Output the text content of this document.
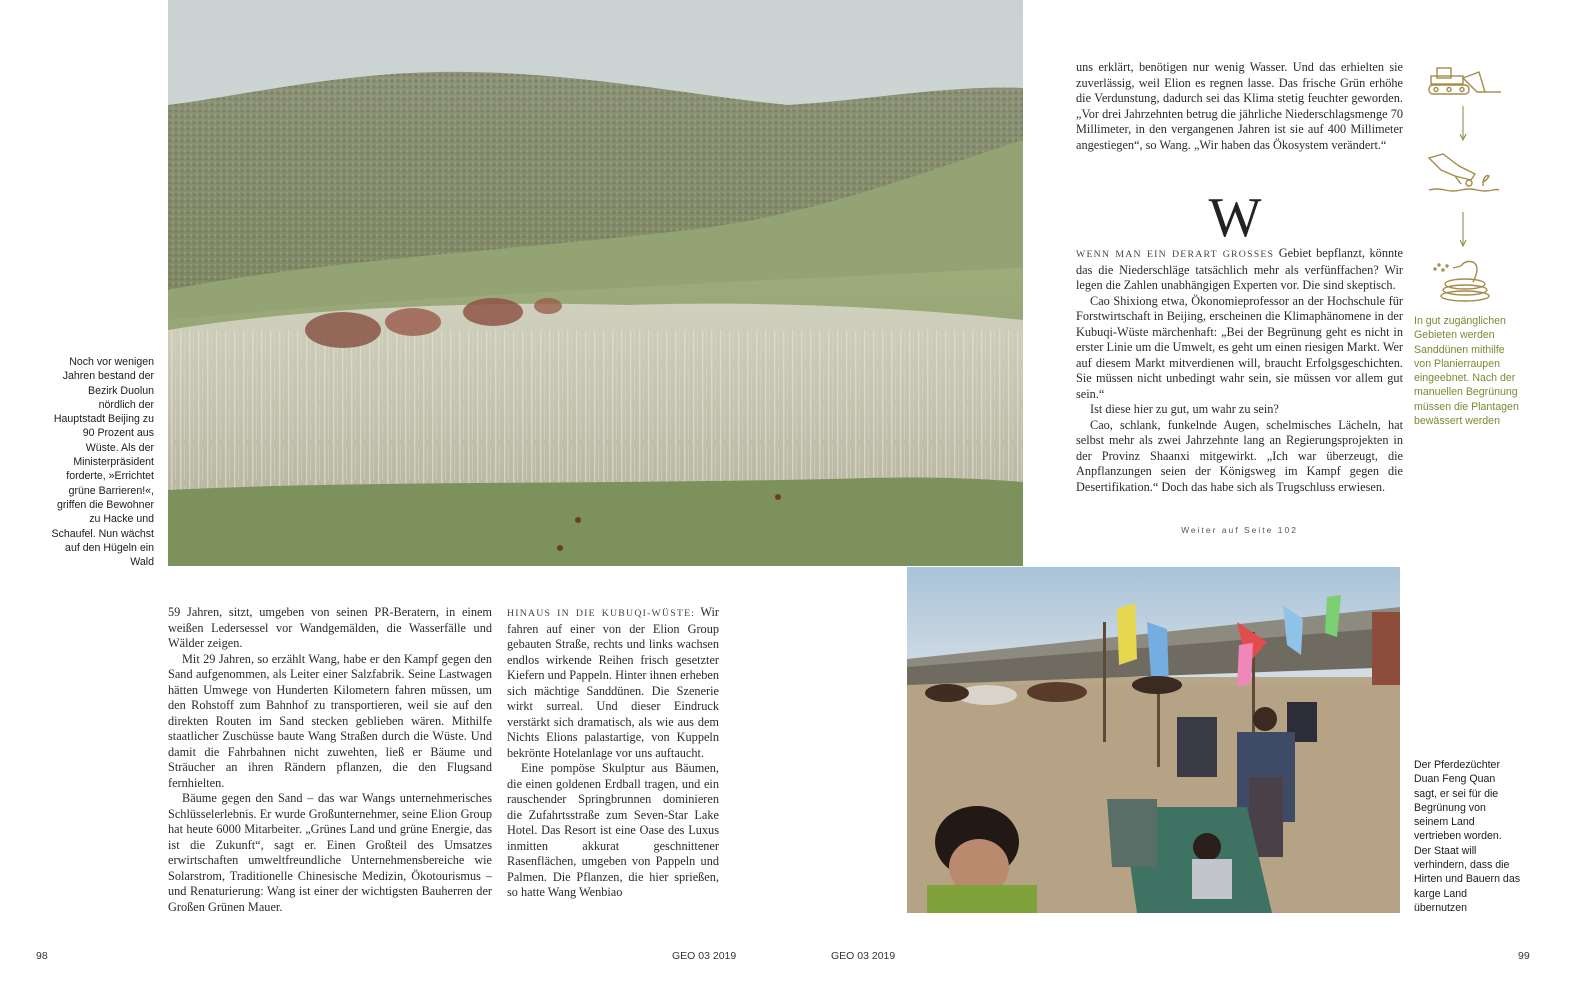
Noch vor wenigen Jahren bestand der Bezirk Duolun nördlich der Hauptstadt Beijing zu 90 Prozent aus Wüste. Als der Ministerpräsident forderte, »Errichtet grüne Barrieren!«, griffen die Bewohner zu Hacke und Schaufel. Nun wächst auf den Hügeln ein Wald

uns erklärt, benötigen nur wenig Wasser. Und das erhielten sie zuverlässig, weil Elion es regnen lasse. Das frische Grün erhöhe die Verdunstung, dadurch sei das Klima stetig feuchter geworden. „Vor drei Jahrzehnten betrug die jährliche Niederschlagsmenge 70 Millimeter, in den vergangenen Jahren ist sie auf 400 Millimeter angestiegen“, so Wang. „Wir haben das Ökosystem verändert.“

W

WENN MAN EIN DERART GROSSES Gebiet bepflanzt, könnte das die Niederschläge tatsächlich mehr als verfünffachen? Wir legen die Zahlen unabhängigen Experten vor. Die sind skeptisch.

Cao Shixiong etwa, Ökonomieprofessor an der Hochschule für Forstwirtschaft in Beijing, erscheinen die Klimaphänomene in der Kubuqi-Wüste märchenhaft: „Bei der Begrünung geht es nicht in erster Linie um die Umwelt, es geht um einen riesigen Markt. Wer auf diesem Markt mitverdienen will, braucht Erfolgsgeschichten. Sie müssen nicht unbedingt wahr sein, sie müssen vor allem gut sein.“

Ist diese hier zu gut, um wahr zu sein?

Cao, schlank, funkelnde Augen, schelmisches Lächeln, hat selbst mehr als zwei Jahrzehnte lang an Regierungsprojekten in der Provinz Shaanxi mitgewirkt. „Ich war überzeugt, die Anpflanzungen seien der Königsweg im Kampf gegen die Desertifikation.“ Doch das habe sich als Trugschluss erwiesen.

Weiter auf Seite 102
In gut zugänglichen Gebieten werden Sanddünen mithilfe von Planierraupen eingeebnet. Nach der manuellen Begrünung müssen die Plantagen bewässert werden

59 Jahren, sitzt, umgeben von seinen PR-Beratern, in einem weißen Ledersessel vor Wandgemälden, die Wasserfälle und Wälder zeigen.

Mit 29 Jahren, so erzählt Wang, habe er den Kampf gegen den Sand aufgenommen, als Leiter einer Salzfabrik. Seine Lastwagen hätten Umwege von Hunderten Kilometern fahren müssen, um den Rohstoff zum Bahnhof zu transportieren, weil sie auf den direkten Routen im Sand stecken geblieben wären. Mithilfe staatlicher Zuschüsse baute Wang Straßen durch die Wüste. Und damit die Fahrbahnen nicht zuwehten, ließ er Bäume und Sträucher an ihren Rändern pflanzen, die den Flugsand fernhielten.

Bäume gegen den Sand – das war Wangs unternehmerisches Schlüsselerlebnis. Er wurde Großunternehmer, seine Elion Group hat heute 6000 Mitarbeiter. „Grünes Land und grüne Energie, das ist die Zukunft“, sagt er. Einen Großteil des Umsatzes erwirtschaften umweltfreundliche Unternehmensbereiche wie Solarstrom, Traditionelle Chinesische Medizin, Ökotourismus – und Renaturierung: Wang ist einer der wichtigsten Bauherren der Großen Grünen Mauer.

HINAUS IN DIE KUBUQI-WÜSTE: Wir fahren auf einer von der Elion Group gebauten Straße, rechts und links wachsen endlos wirkende Reihen frisch gesetzter Kiefern und Pappeln. Hinter ihnen erheben sich mächtige Sanddünen. Die Szenerie wirkt surreal. Und dieser Eindruck verstärkt sich dramatisch, als wie aus dem Nichts Elions palastartige, von Kuppeln bekrönte Hotelanlage vor uns auftaucht.

Eine pompöse Skulptur aus Bäumen, die einen goldenen Erdball tragen, und ein rauschender Springbrunnen dominieren die Zufahrtsstraße zum Seven-Star Lake Hotel. Das Resort ist eine Oase des Luxus inmitten akkurat geschnittener Rasenflächen, umgeben von Pappeln und Palmen. Die Pflanzen, die hier sprießen, so hatte Wang Wenbiao

Der Pferdezüchter Duan Feng Quan sagt, er sei für die Begrünung von seinem Land vertrieben worden. Der Staat will verhindern, dass die Hirten und Bauern das karge Land übernutzen
98	GEO 03 2019	GEO 03 2019	99
